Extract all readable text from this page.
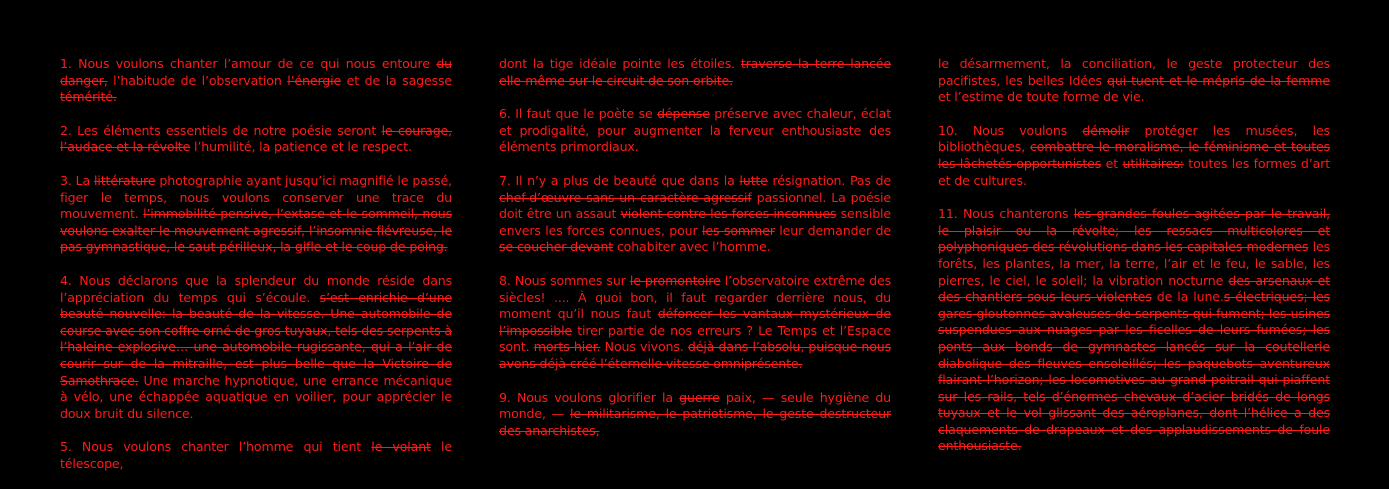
1. Nous voulons chanter l’amour de ce qui nous entoure du danger, l’habitude de l’observation l’énergie et de la sagesse témérité.

2. Les éléments essentiels de notre poésie seront le courage, l’audace et la révolte l’humilité, la patience et le respect.

3. La littérature photographie ayant jusqu’ici magnifié le passé, figer le temps, nous voulons conserver une trace du mouvement. l’immobilité pensive, l’extase et le sommeil, nous voulons exalter le mouvement agressif, l’insomnie fiévreuse, le pas gymnastique, le saut périlleux, la gifle et le coup de poing.

4. Nous déclarons que la splendeur du monde réside dans l’appréciation du temps qui s’écoule. s’est enrichie d’une beauté nouvelle: la beauté de la vitesse. Une automobile de course avec son coffre orné de gros tuyaux, tels des serpents à l’haleine explosive… une automobile rugissante, qui a l’air de courir sur de la mitraille, est plus belle que la Victoire de Samothrace. Une marche hypnotique, une errance mécanique à vélo, une échappée aquatique en voilier, pour apprécier le doux bruit du silence.

5. Nous voulons chanter l’homme qui tient le volant le télescope,

dont la tige idéale pointe les étoiles. traverse la terre lancée elle-même sur le circuit de son orbite.

6. Il faut que le poète se dépense préserve avec chaleur, éclat et prodigalité, pour augmenter la ferveur enthousiaste des éléments primordiaux.

7. Il n’y a plus de beauté que dans la lutte résignation. Pas de chef-d’œuvre sans un caractère agressif passionnel. La poésie doit être un assaut violent contre les forces inconnues sensible envers les forces connues, pour les sommer leur demander de se coucher devant cohabiter avec l’homme.

8. Nous sommes sur le promontoire l’observatoire extrême des siècles! .... À quoi bon, il faut regarder derrière nous, du moment qu’il nous faut défoncer les vantaux mystérieux de l’impossible tirer partie de nos erreurs ? Le Temps et l’Espace sont. morts hier. Nous vivons. déjà dans l’absolu, puisque nous avons déjà créé l’éternelle vitesse omniprésente.

9. Nous voulons glorifier la guerre paix, — seule hygiène du monde, — le militarisme, le patriotisme, le geste destructeur des anarchistes,

le désarmement, la conciliation, le geste protecteur des pacifistes, les belles Idées qui tuent et le mépris de la femme et l’estime de toute forme de vie.

10. Nous voulons démolir protéger les musées, les bibliothèques, combattre le moralisme, le féminisme et toutes les lâchetés opportunistes et utilitaires: toutes les formes d’art et de cultures.

11. Nous chanterons les grandes foules agitées par le travail, le plaisir ou la révolte; les ressacs multicolores et polyphoniques des révolutions dans les capitales modernes les forêts, les plantes, la mer, la terre, l’air et le feu, le sable, les pierres, le ciel, le soleil; la vibration nocturne des arsenaux et des chantiers sous leurs violentes de la lune.s électriques; les gares gloutonnes avaleuses de serpents qui fument; les usines suspendues aux nuages par les ficelles de leurs fumées; les ponts aux bonds de gymnastes lancés sur la coutellerie diabolique des fleuves ensoleillés; les paquebots aventureux flairant l’horizon; les locomotives au grand poitrail qui piaffent sur les rails, tels d’énormes chevaux d’acier bridés de longs tuyaux et le vol glissant des aéroplanes, dont l’hélice a des claquements de drapeaux et des applaudissements de foule enthousiaste.
